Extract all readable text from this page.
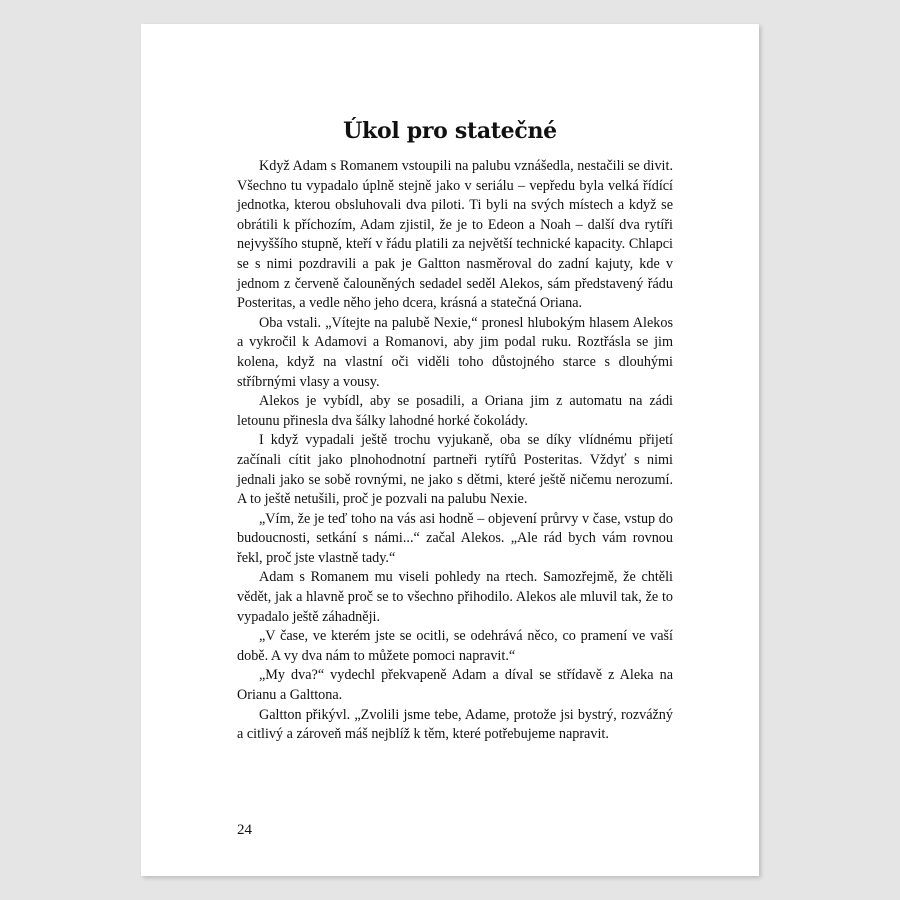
Úkol pro statečné

Když Adam s Romanem vstoupili na palubu vznášedla, nestačili se divit. Všechno tu vypadalo úplně stejně jako v seriálu – vepředu byla velká řídící jednotka, kterou obsluhovali dva piloti. Ti byli na svých místech a když se obrátili k příchozím, Adam zjistil, že je to Edeon a Noah – další dva rytíři nejvyššího stupně, kteří v řádu platili za největší technické kapacity. Chlapci se s nimi pozdravili a pak je Galtton nasměroval do zadní kajuty, kde v jednom z červeně čalouněných sedadel seděl Alekos, sám představený řádu Posteritas, a vedle něho jeho dcera, krásná a statečná Oriana.

Oba vstali. „Vítejte na palubě Nexie,“ pronesl hlubokým hlasem Alekos a vykročil k Adamovi a Romanovi, aby jim podal ruku. Roztřásla se jim kolena, když na vlastní oči viděli toho důstojného starce s dlouhými stříbrnými vlasy a vousy.

Alekos je vybídl, aby se posadili, a Oriana jim z automatu na zádi letounu přinesla dva šálky lahodné horké čokolády.

I když vypadali ještě trochu vyjukaně, oba se díky vlídnému přijetí začínali cítit jako plnohodnotní partneři rytířů Posteritas. Vždyť s nimi jednali jako se sobě rovnými, ne jako s dětmi, které ještě ničemu nerozumí. A to ještě netušili, proč je pozvali na palubu Nexie.

„Vím, že je teď toho na vás asi hodně – objevení průrvy v čase, vstup do budoucnosti, setkání s námi...“ začal Alekos. „Ale rád bych vám rovnou řekl, proč jste vlastně tady.“

Adam s Romanem mu viseli pohledy na rtech. Samozřejmě, že chtěli vědět, jak a hlavně proč se to všechno přihodilo. Alekos ale mluvil tak, že to vypadalo ještě záhadněji.

„V čase, ve kterém jste se ocitli, se odehrává něco, co pramení ve vaší době. A vy dva nám to můžete pomoci napravit.“

„My dva?“ vydechl překvapeně Adam a díval se střídavě z Aleka na Orianu a Galttona.

Galtton přikývl. „Zvolili jsme tebe, Adame, protože jsi bystrý, rozvážný a citlivý a zároveň máš nejblíž k těm, které potřebujeme napravit.

24
